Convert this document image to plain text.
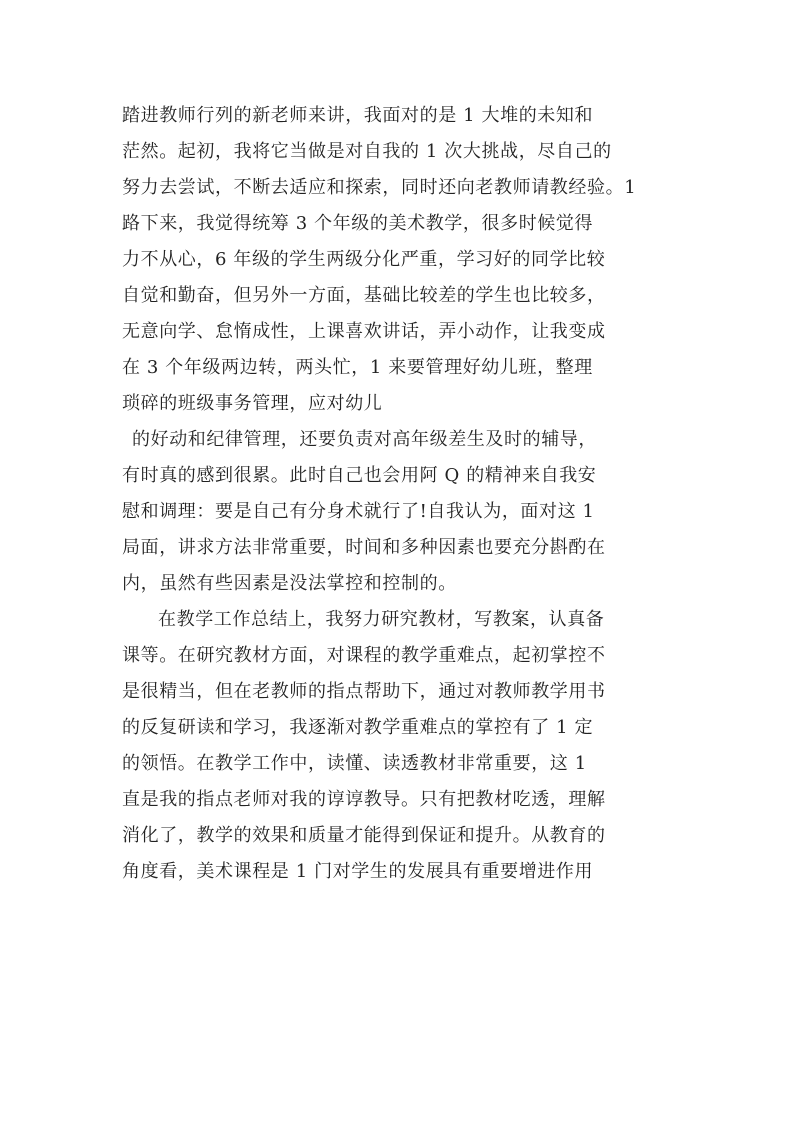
踏进教师行列的新老师来讲，我面对的是 1 大堆的未知和
茫然。起初，我将它当做是对自我的 1 次大挑战，尽自己的
努力去尝试，不断去适应和探索，同时还向老教师请教经验。1
路下来，我觉得统筹 3 个年级的美术教学，很多时候觉得
力不从心，6 年级的学生两级分化严重，学习好的同学比较
自觉和勤奋，但另外一方面，基础比较差的学生也比较多，
无意向学、怠惰成性，上课喜欢讲话，弄小动作，让我变成
在 3 个年级两边转，两头忙，1 来要管理好幼儿班，整理
琐碎的班级事务管理，应对幼儿
的好动和纪律管理，还要负责对高年级差生及时的辅导，
有时真的感到很累。此时自己也会用阿 Q 的精神来自我安
慰和调理：要是自己有分身术就行了!自我认为，面对这 1
局面，讲求方法非常重要，时间和多种因素也要充分斟酌在
内，虽然有些因素是没法掌控和控制的。
在教学工作总结上，我努力研究教材，写教案，认真备
课等。在研究教材方面，对课程的教学重难点，起初掌控不
是很精当，但在老教师的指点帮助下，通过对教师教学用书
的反复研读和学习，我逐渐对教学重难点的掌控有了 1 定
的领悟。在教学工作中，读懂、读透教材非常重要，这 1
直是我的指点老师对我的谆谆教导。只有把教材吃透，理解
消化了，教学的效果和质量才能得到保证和提升。从教育的
角度看，美术课程是 1 门对学生的发展具有重要增进作用
